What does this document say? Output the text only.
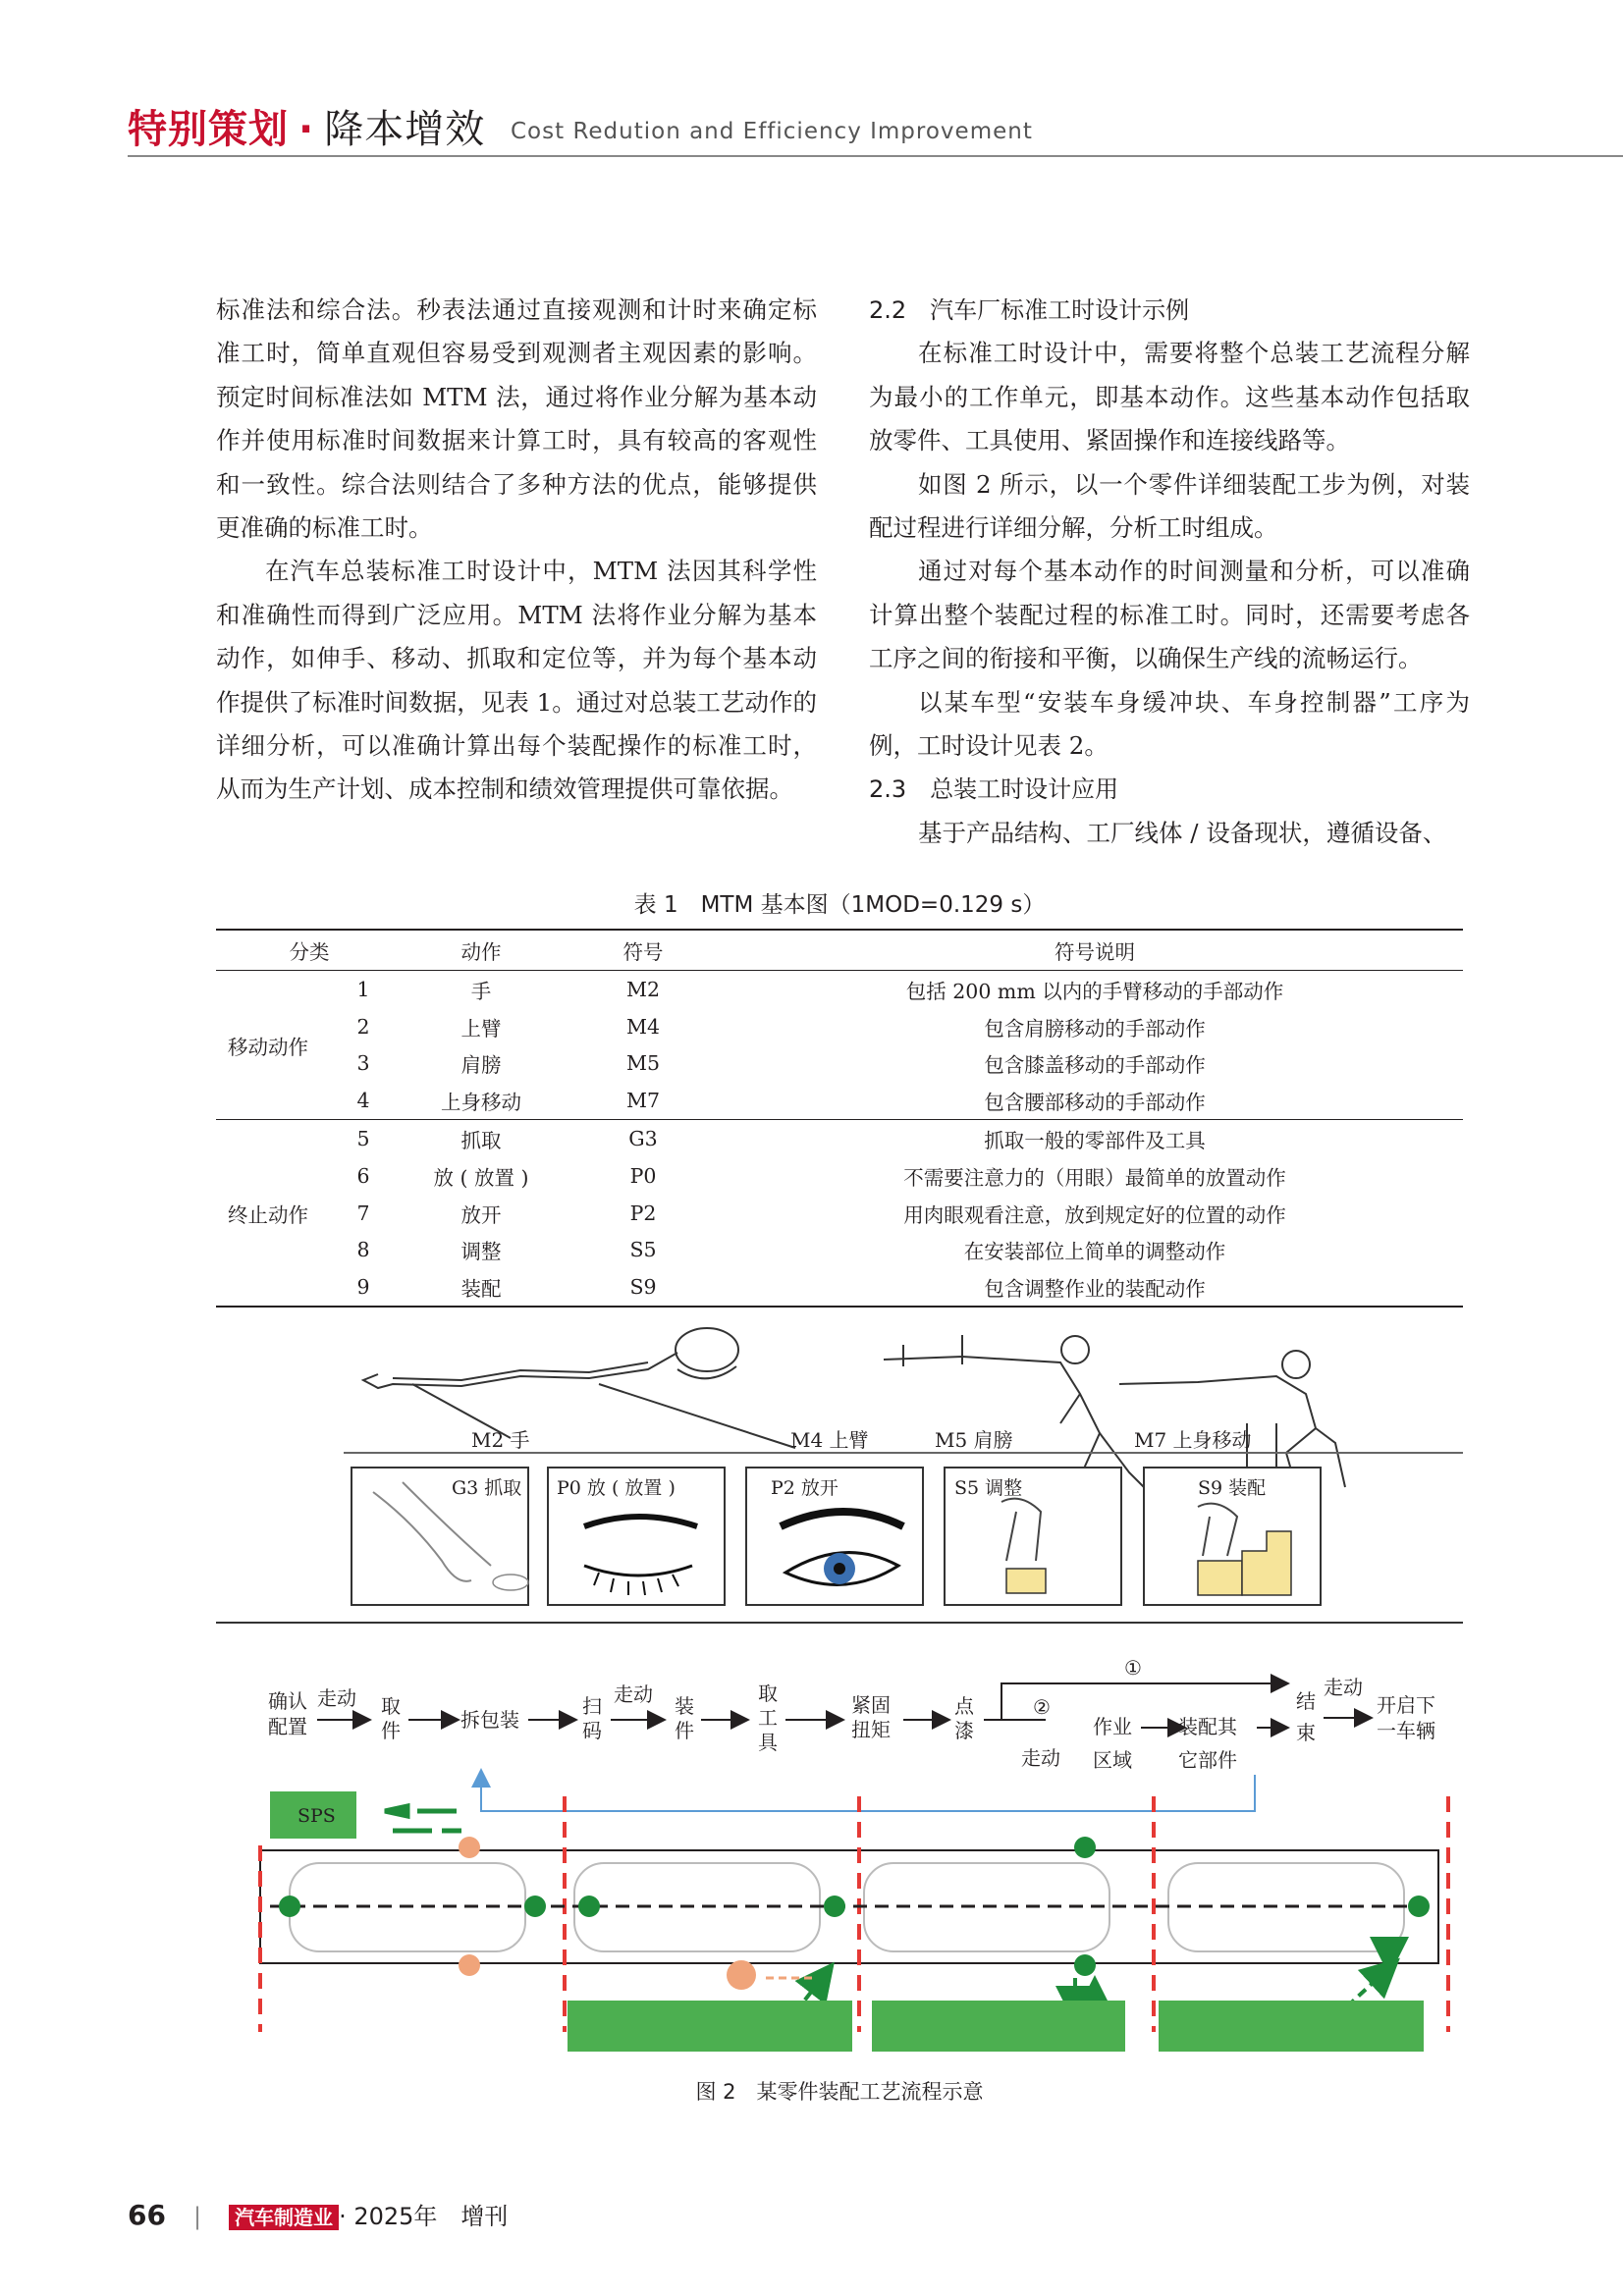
特别策划 · 降本增效 Cost Redution and Efficiency Improvement

标准法和综合法。秒表法通过直接观测和计时来确定标准工时，简单直观但容易受到观测者主观因素的影响。预定时间标准法如 MTM 法，通过将作业分解为基本动作并使用标准时间数据来计算工时，具有较高的客观性和一致性。综合法则结合了多种方法的优点，能够提供更准确的标准工时。

在汽车总装标准工时设计中，MTM 法因其科学性和准确性而得到广泛应用。MTM 法将作业分解为基本动作，如伸手、移动、抓取和定位等，并为每个基本动作提供了标准时间数据，见表 1。通过对总装工艺动作的详细分析，可以准确计算出每个装配操作的标准工时，从而为生产计划、成本控制和绩效管理提供可靠依据。

2.2　汽车厂标准工时设计示例

在标准工时设计中，需要将整个总装工艺流程分解为最小的工作单元，即基本动作。这些基本动作包括取放零件、工具使用、紧固操作和连接线路等。

如图 2 所示，以一个零件详细装配工步为例，对装配过程进行详细分解，分析工时组成。

通过对每个基本动作的时间测量和分析，可以准确计算出整个装配过程的标准工时。同时，还需要考虑各工序之间的衔接和平衡，以确保生产线的流畅运行。

以某车型“安装车身缓冲块、车身控制器”工序为例，工时设计见表 2。

2.3　总装工时设计应用

基于产品结构、工厂线体 / 设备现状，遵循设备、

表 1　MTM 基本图（1MOD=0.129 s）
分类		动作	符号	符号说明
移动动作	1	手	M2	包括 200 mm 以内的手臂移动的手部动作
	2	上臂	M4	包含肩膀移动的手部动作
	3	肩膀	M5	包含膝盖移动的手部动作
	4	上身移动	M7	包含腰部移动的手部动作
终止动作	5	抓取	G3	抓取一般的零部件及工具
	6	放 ( 放置 )	P0	不需要注意力的（用眼）最简单的放置动作
	7	放开	P2	用肉眼观看注意，放到规定好的位置的动作
	8	调整	S5	在安装部位上简单的调整动作
	9	装配	S9	包含调整作业的装配动作
M2 手	M4 上臂	M5 肩膀	M7 上身移动
G3 抓取 P0 放 ( 放置 )	P2 放开	S5 调整	S9 装配
确认
配置
走动 取
件	拆包装
扫
码
走动 装
件
取
工
具
紧固
扭矩
点
漆
①
②
作业
区域
走动
装配其
它部件
结
束
走动
开启下
一车辆
SPS
图 2　某零件装配工艺流程示意
66 | 汽车制造业 · 2025年　增刊
